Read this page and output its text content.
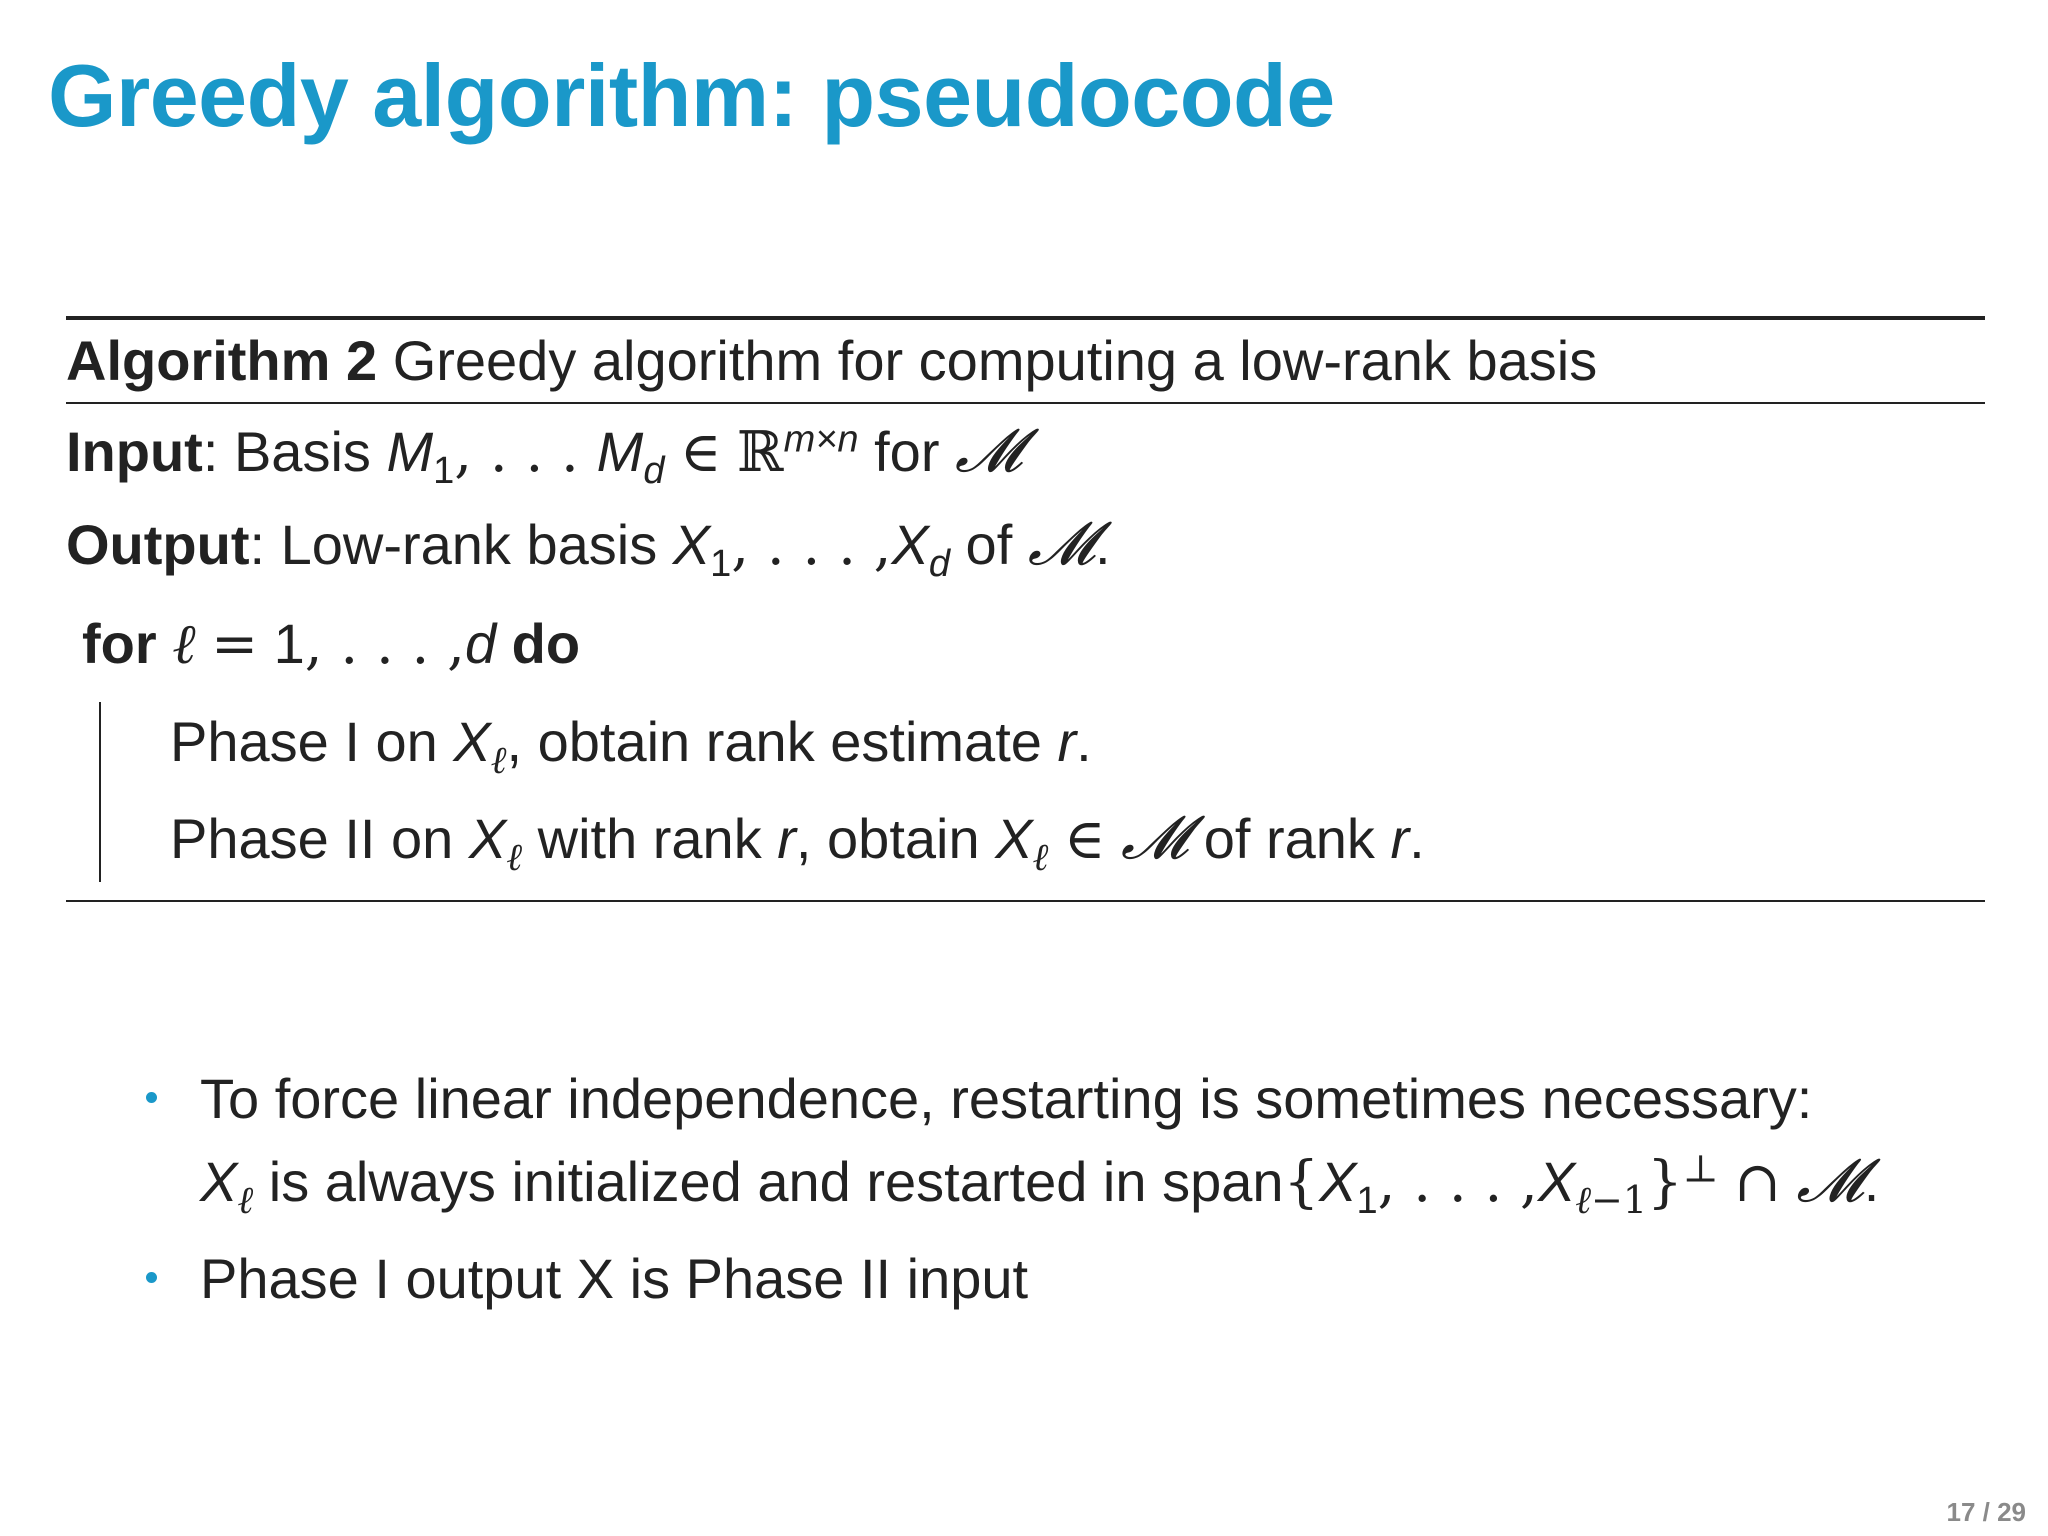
Greedy algorithm: pseudocode
Algorithm 2 Greedy algorithm for computing a low-rank basis
Input: Basis $M_1$, . . . $M_d$ ∈ ℝ$^{m\times n}$ for 𝓜
Output: Low-rank basis $X_1$, . . . $,X_d$ of 𝓜.
for ℓ = 1, . . . ,d do
Phase I on $X_\ell$, obtain rank estimate r.
Phase II on $X_\ell$ with rank r, obtain $X_\ell$ ∈ 𝓜 of rank r.
To force linear independence, restarting is sometimes necessary:
$X_\ell$ is always initialized and restarted in $span\{X_1$, . . . $,X_{\ell-1}\}^\perp$ ∩ 𝓜.
Phase I output X is Phase II input
17 / 29
